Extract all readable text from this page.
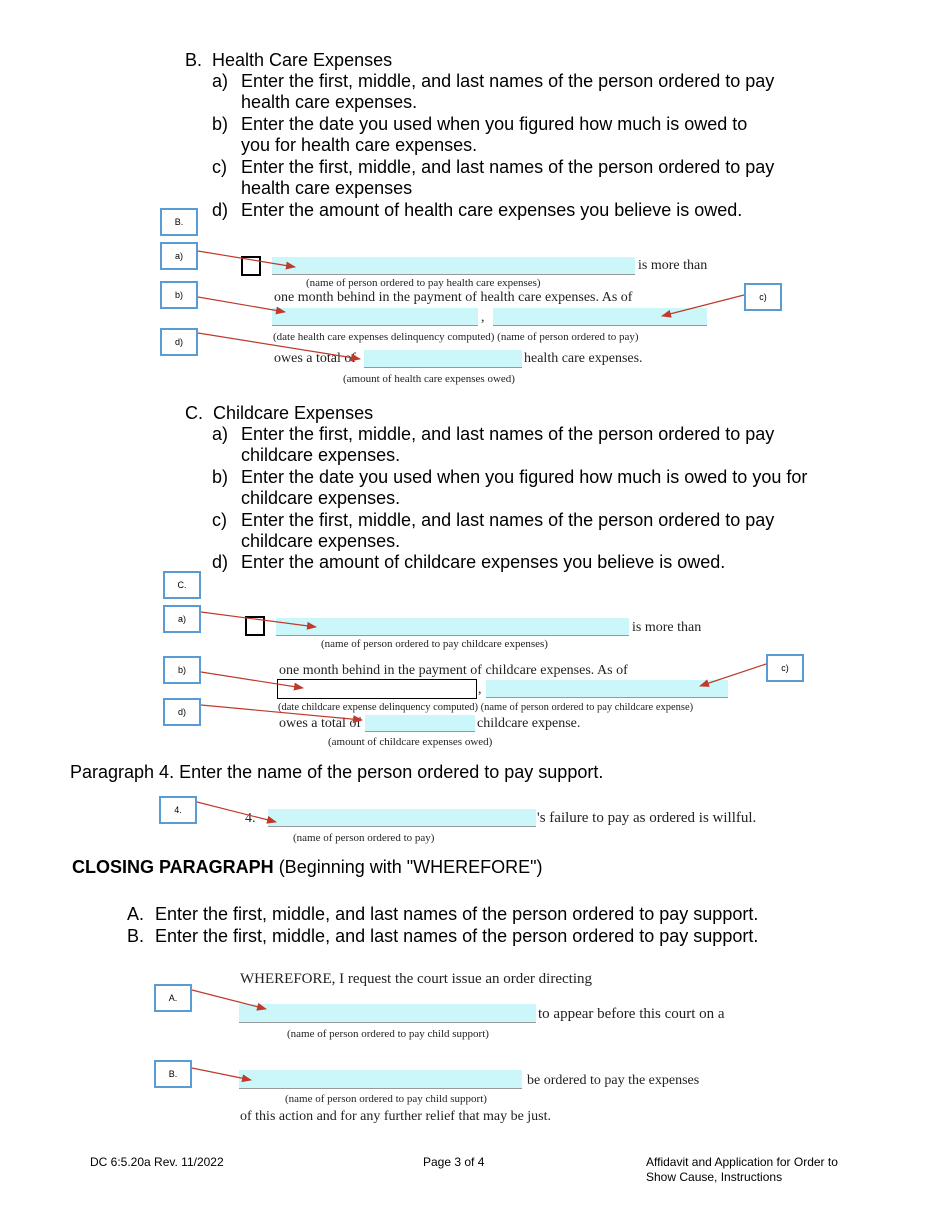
B. Health Care Expenses
a) Enter the first, middle, and last names of the person ordered to pay
health care expenses.
b) Enter the date you used when you figured how much is owed to
you for health care expenses.
c) Enter the first, middle, and last names of the person ordered to pay
health care expenses
d) Enter the amount of health care expenses you believe is owed.
B.
a)
b)	c)
d)
is more than
(name of person ordered to pay health care expenses)
one month behind in the payment of health care expenses. As of
,
(date health care expenses delinquency computed) (name of person ordered to pay)
owes a total of	health care expenses.
(amount of health care expenses owed)
C. Childcare Expenses
a) Enter the first, middle, and last names of the person ordered to pay
childcare expenses.
b) Enter the date you used when you figured how much is owed to you for
childcare expenses.
c) Enter the first, middle, and last names of the person ordered to pay
childcare expenses.
d) Enter the amount of childcare expenses you believe is owed.
C.
a)
b)	c)
d)
is more than
(name of person ordered to pay childcare expenses)
one month behind in the payment of childcare expenses. As of
,
(date childcare expense delinquency computed) (name of person ordered to pay childcare expense)
owes a total of	childcare expense.
(amount of childcare expenses owed)
Paragraph 4. Enter the name of the person ordered to pay support.
4.
4.	's failure to pay as ordered is willful.
(name of person ordered to pay)
CLOSING PARAGRAPH (Beginning with "WHEREFORE")
A. Enter the first, middle, and last names of the person ordered to pay support.
B. Enter the first, middle, and last names of the person ordered to pay support.
A.
B.
WHEREFORE, I request the court issue an order directing
to appear before this court on a
(name of person ordered to pay child support)
be ordered to pay the expenses
(name of person ordered to pay child support)
of this action and for any further relief that may be just.
DC 6:5.20a Rev. 11/2022	Page 3 of 4	Affidavit and Application for Order to
Show Cause, Instructions
